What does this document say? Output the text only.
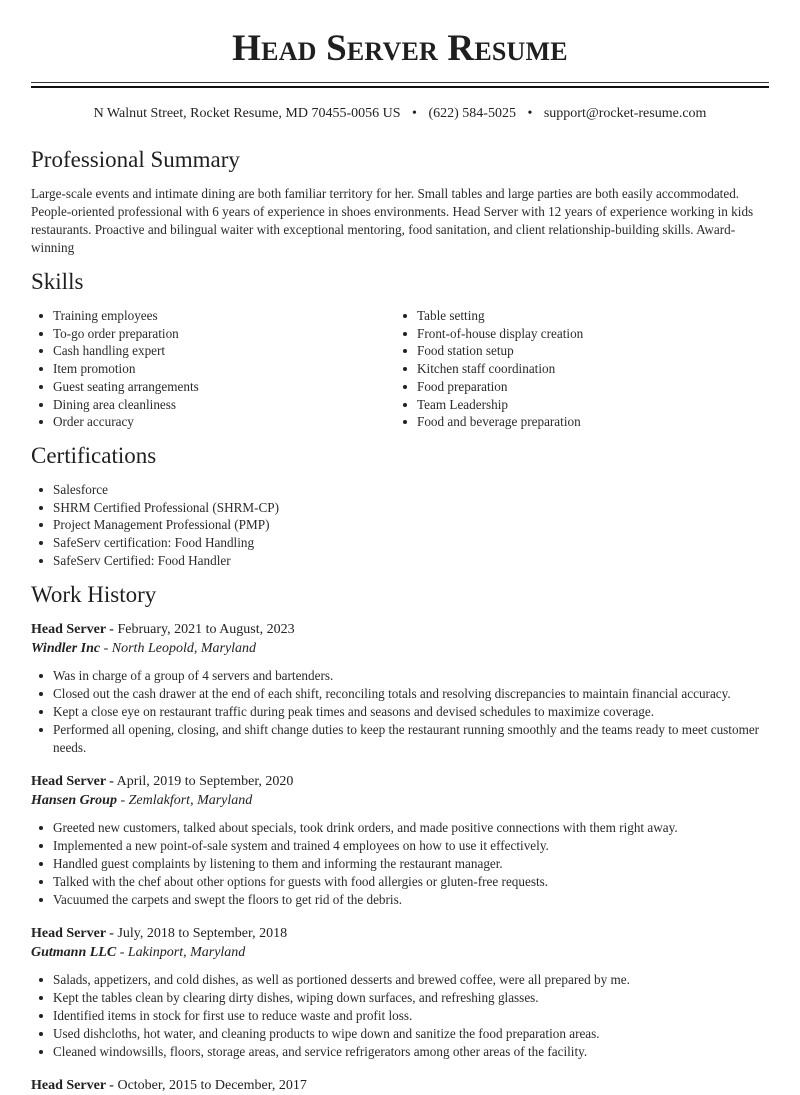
Head Server Resume
N Walnut Street, Rocket Resume, MD 70455-0056 US • (622) 584-5025 • support@rocket-resume.com
Professional Summary

Large-scale events and intimate dining are both familiar territory for her. Small tables and large parties are both easily accommodated. People-oriented professional with 6 years of experience in shoes environments. Head Server with 12 years of experience working in kids restaurants. Proactive and bilingual waiter with exceptional mentoring, food sanitation, and client relationship-building skills. Award-winning

Skills
Training employees
To-go order preparation
Cash handling expert
Item promotion
Guest seating arrangements
Dining area cleanliness
Order accuracy
Table setting
Front-of-house display creation
Food station setup
Kitchen staff coordination
Food preparation
Team Leadership
Food and beverage preparation
Certifications
Salesforce
SHRM Certified Professional (SHRM-CP)
Project Management Professional (PMP)
SafeServ certification: Food Handling
SafeServ Certified: Food Handler
Work History
Head Server - February, 2021 to August, 2023
Windler Inc - North Leopold, Maryland
Was in charge of a group of 4 servers and bartenders.
Closed out the cash drawer at the end of each shift, reconciling totals and resolving discrepancies to maintain financial accuracy.
Kept a close eye on restaurant traffic during peak times and seasons and devised schedules to maximize coverage.
Performed all opening, closing, and shift change duties to keep the restaurant running smoothly and the teams ready to meet customer needs.
Head Server - April, 2019 to September, 2020
Hansen Group - Zemlakfort, Maryland
Greeted new customers, talked about specials, took drink orders, and made positive connections with them right away.
Implemented a new point-of-sale system and trained 4 employees on how to use it effectively.
Handled guest complaints by listening to them and informing the restaurant manager.
Talked with the chef about other options for guests with food allergies or gluten-free requests.
Vacuumed the carpets and swept the floors to get rid of the debris.
Head Server - July, 2018 to September, 2018
Gutmann LLC - Lakinport, Maryland
Salads, appetizers, and cold dishes, as well as portioned desserts and brewed coffee, were all prepared by me.
Kept the tables clean by clearing dirty dishes, wiping down surfaces, and refreshing glasses.
Identified items in stock for first use to reduce waste and profit loss.
Used dishcloths, hot water, and cleaning products to wipe down and sanitize the food preparation areas.
Cleaned windowsills, floors, storage areas, and service refrigerators among other areas of the facility.
Head Server - October, 2015 to December, 2017
